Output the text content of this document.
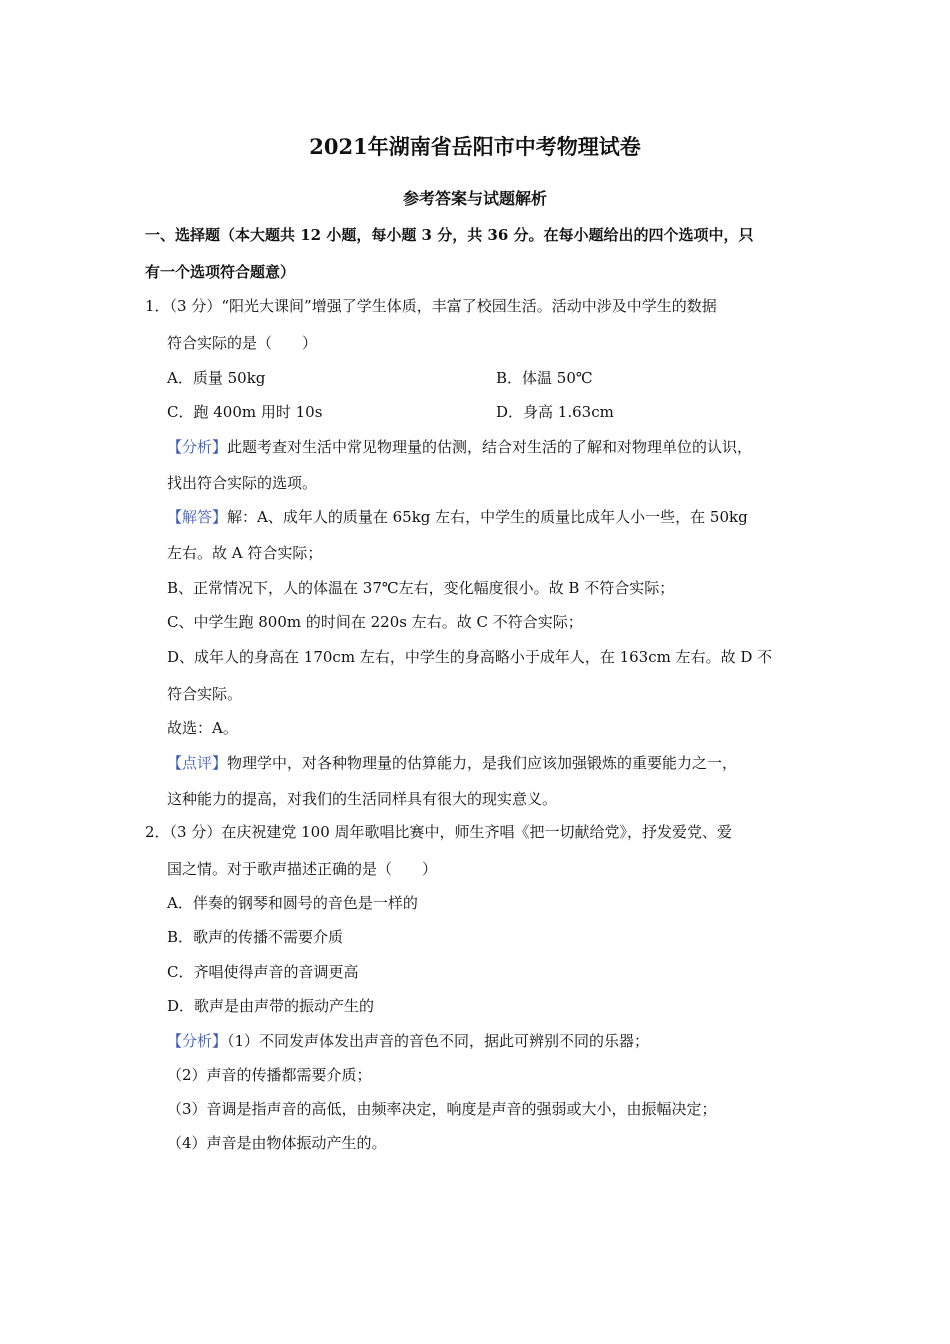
2021年湖南省岳阳市中考物理试卷
参考答案与试题解析
一、选择题（本大题共 12 小题，每小题 3 分，共 36 分。在每小题给出的四个选项中，只
有一个选项符合题意）
1．（3 分）“阳光大课间”增强了学生体质，丰富了校园生活。活动中涉及中学生的数据
符合实际的是（　　）
A．质量 50kg	B．体温 50℃
C．跑 400m 用时 10s	D．身高 1.63cm
【分析】此题考查对生活中常见物理量的估测，结合对生活的了解和对物理单位的认识，
找出符合实际的选项。
【解答】解：A、成年人的质量在 65kg 左右，中学生的质量比成年人小一些，在 50kg
左右。故 A 符合实际；
B、正常情况下，人的体温在 37℃左右，变化幅度很小。故 B 不符合实际；
C、中学生跑 800m 的时间在 220s 左右。故 C 不符合实际；
D、成年人的身高在 170cm 左右，中学生的身高略小于成年人，在 163cm 左右。故 D 不
符合实际。
故选：A。
【点评】物理学中，对各种物理量的估算能力，是我们应该加强锻炼的重要能力之一，
这种能力的提高，对我们的生活同样具有很大的现实意义。
2．（3 分）在庆祝建党 100 周年歌唱比赛中，师生齐唱《把一切献给党》，抒发爱党、爱
国之情。对于歌声描述正确的是（　　）
A．伴奏的钢琴和圆号的音色是一样的
B．歌声的传播不需要介质
C．齐唱使得声音的音调更高
D．歌声是由声带的振动产生的
【分析】（1）不同发声体发出声音的音色不同，据此可辨别不同的乐器；
（2）声音的传播都需要介质；
（3）音调是指声音的高低，由频率决定，响度是声音的强弱或大小，由振幅决定；
（4）声音是由物体振动产生的。
